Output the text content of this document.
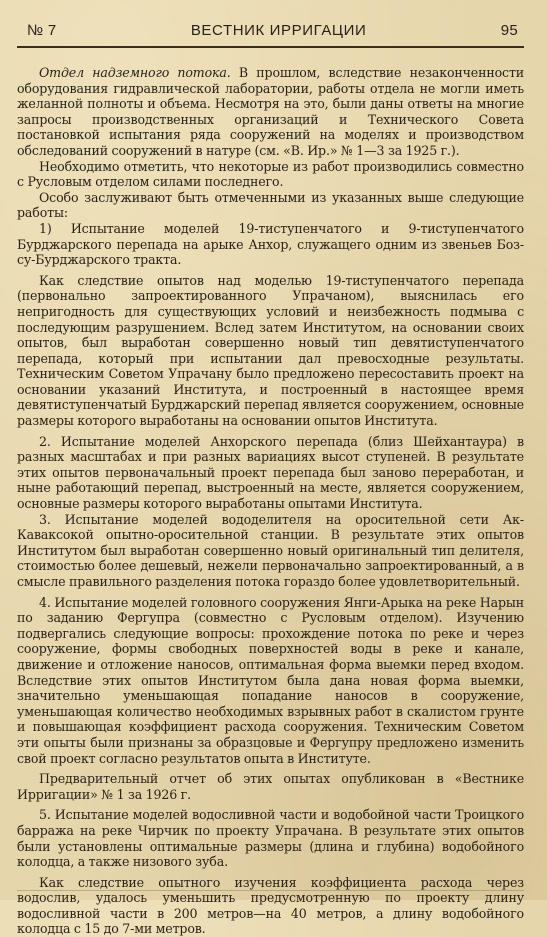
№ 7	ВЕСТНИК ИРРИГАЦИИ	95

Отдел надземного потока. В прошлом, вследствие незаконченности оборудования гидравлической лаборатории, работы отдела не могли иметь желанной полноты и объема. Несмотря на это, были даны ответы на многие запросы производственных организаций и Технического Совета постановкой испытания ряда сооружений на моделях и производством обследований сооружений в натуре (см. «В. Ир.» № 1—3 за 1925 г.).

Необходимо отметить, что некоторые из работ производились совместно с Русловым отделом силами последнего.

Особо заслуживают быть отмеченными из указанных выше следующие работы:

1) Испытание моделей 19-тиступенчатого и 9-тиступенчатого Бурджарского перепада на арыке Анхор, служащего одним из звеньев Боз-су-Бурджарского тракта.

Как следствие опытов над моделью 19-тиступенчатого перепада (первонально запроектированного Упрачаном), выяснилась его непригодность для существующих условий и неизбежность подмыва с последующим разрушением. Вслед затем Институтом, на основании своих опытов, был выработан совершенно новый тип девятиступенчатого перепада, который при испытании дал превосходные результаты. Техническим Советом Упрачану было предложено пересоставить проект на основании указаний Института, и построенный в настоящее время девятиступенчатый Бурджарский перепад является сооружением, основные размеры которого выработаны на основании опытов Института.

2. Испытание моделей Анхорского перепада (близ Шейхантаура) в разных масштабах и при разных вариациях высот ступеней. В результате этих опытов первоначальный проект перепада был заново переработан, и ныне работающий перепад, выстроенный на месте, является сооружением, основные размеры которого выработаны опытами Института.

3. Испытание моделей вододелителя на оросительной сети Ак-Каваксокой опытно-оросительной станции. В результате этих опытов Институтом был выработан совершенно новый оригинальный тип делителя, стоимостью более дешевый, нежели первоначально запроектированный, а в смысле правильного разделения потока гораздо более удовлетворительный.

4. Испытание моделей головного сооружения Янги-Арыка на реке Нарын по заданию Фергупра (совместно с Русловым отделом). Изучению подвергались следующие вопросы: прохождение потока по реке и через сооружение, формы свободных поверхностей воды в реке и канале, движение и отложение наносов, оптимальная форма выемки перед входом. Вследствие этих опытов Институтом была дана новая форма выемки, значительно уменьшающая попадание наносов в сооружение, уменьшающая количество необходимых взрывных работ в скалистом грунте и повышающая коэффициент расхода сооружения. Техническим Советом эти опыты были признаны за образцовые и Фергупру предложено изменить свой проект согласно результатов опыта в Институте.

Предварительный отчет об этих опытах опубликован в «Вестнике Ирригации» № 1 за 1926 г.

5. Испытание моделей водосливной части и водобойной части Троицкого барража на реке Чирчик по проекту Упрачана. В результате этих опытов были установлены оптимальные размеры (длина и глубина) водобойного колодца, а также низового зуба.

Как следствие опытного изучения коэффициента расхода через водослив, удалось уменьшить предусмотренную по проекту длину водосливной части в 200 метров—на 40 метров, а длину водобойного колодца с 15 до 7-ми метров.
